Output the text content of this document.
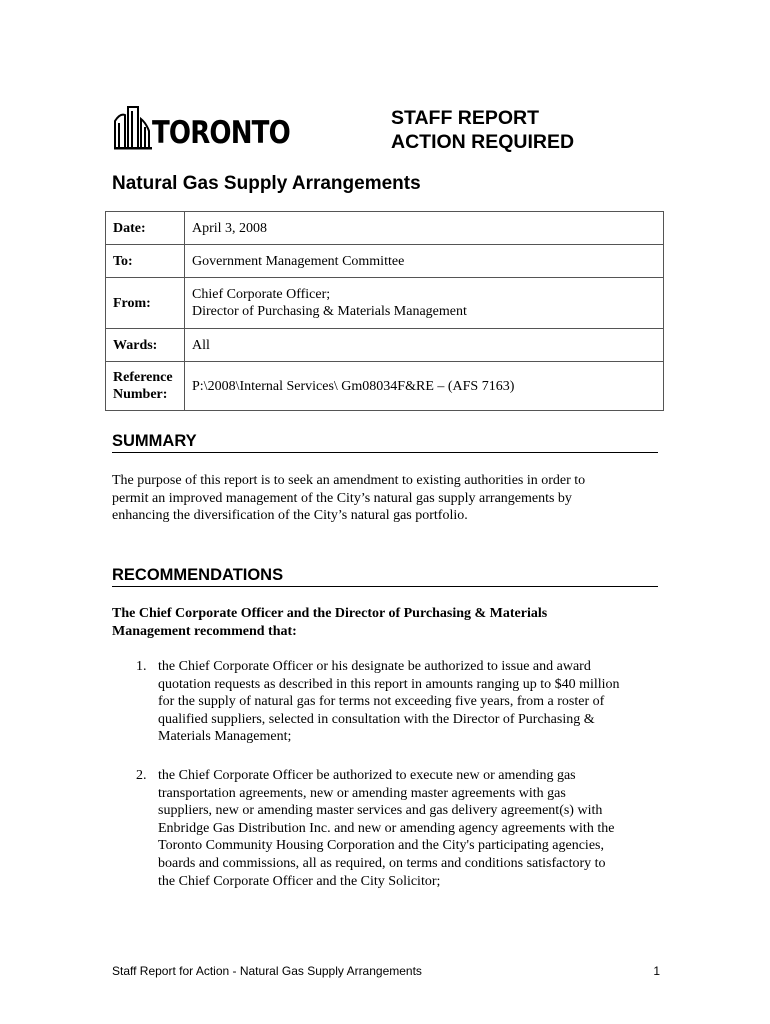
TORONTO	STAFF REPORT
ACTION REQUIRED
Natural Gas Supply Arrangements
Date:	April 3, 2008
To:	Government Management Committee
From:	Chief Corporate Officer;
Director of Purchasing & Materials Management

Wards:	All

Reference
Number:	P:\2008\Internal Services\ Gm08034F&RE – (AFS 7163)
SUMMARY
The purpose of this report is to seek an amendment to existing authorities in order to
permit an improved management of the City’s natural gas supply arrangements by
enhancing the diversification of the City’s natural gas portfolio.
RECOMMENDATIONS
The Chief Corporate Officer and the Director of Purchasing & Materials
Management recommend that:
1. the Chief Corporate Officer or his designate be authorized to issue and award
quotation requests as described in this report in amounts ranging up to $40 million
for the supply of natural gas for terms not exceeding five years, from a roster of
qualified suppliers, selected in consultation with the Director of Purchasing &
Materials Management;
2. the Chief Corporate Officer be authorized to execute new or amending gas
transportation agreements, new or amending master agreements with gas
suppliers, new or amending master services and gas delivery agreement(s) with
Enbridge Gas Distribution Inc. and new or amending agency agreements with the
Toronto Community Housing Corporation and the City's participating agencies,
boards and commissions, all as required, on terms and conditions satisfactory to
the Chief Corporate Officer and the City Solicitor;
Staff Report for Action - Natural Gas Supply Arrangements	1
